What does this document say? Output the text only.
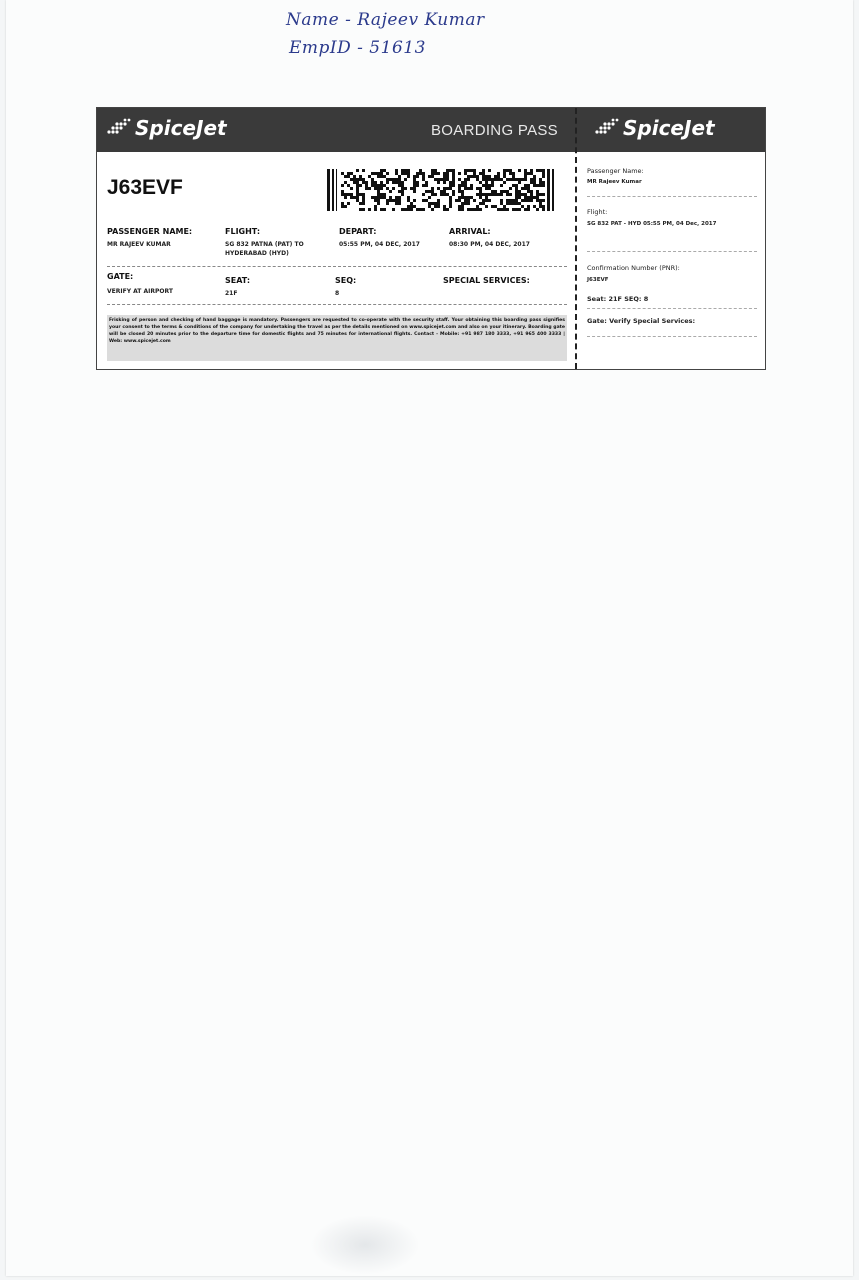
Name - Rajeev Kumar
EmpID - 51613
SpiceJet	BOARDING PASS	SpiceJet
J63EVF
PASSENGER NAME:
MR RAJEEV KUMAR
FLIGHT:
SG 832 PATNA (PAT) TO HYDERABAD (HYD)
DEPART:
05:55 PM, 04 DEC, 2017
ARRIVAL:
08:30 PM, 04 DEC, 2017
GATE:
VERIFY AT AIRPORT
SEAT:
21F
SEQ:
8
SPECIAL SERVICES:
Frisking of person and checking of hand baggage is mandatory. Passengers are requested to co-operate with the security staff. Your obtaining this boarding pass signifies your consent to the terms & conditions of the company for undertaking the travel as per the details mentioned on www.spicejet.com and also on your itinerary. Boarding gate will be closed 20 minutes prior to the departure time for domestic flights and 75 minutes for international flights. Contact - Mobile: +91 987 180 3333, +91 965 400 3333 | Web: www.spicejet.com
Passenger Name:
MR Rajeev Kumar
Flight:
SG 832 PAT - HYD 05:55 PM, 04 Dec, 2017
Confirmation Number (PNR):
J63EVF
Seat: 21F SEQ: 8
Gate: Verify Special Services:
